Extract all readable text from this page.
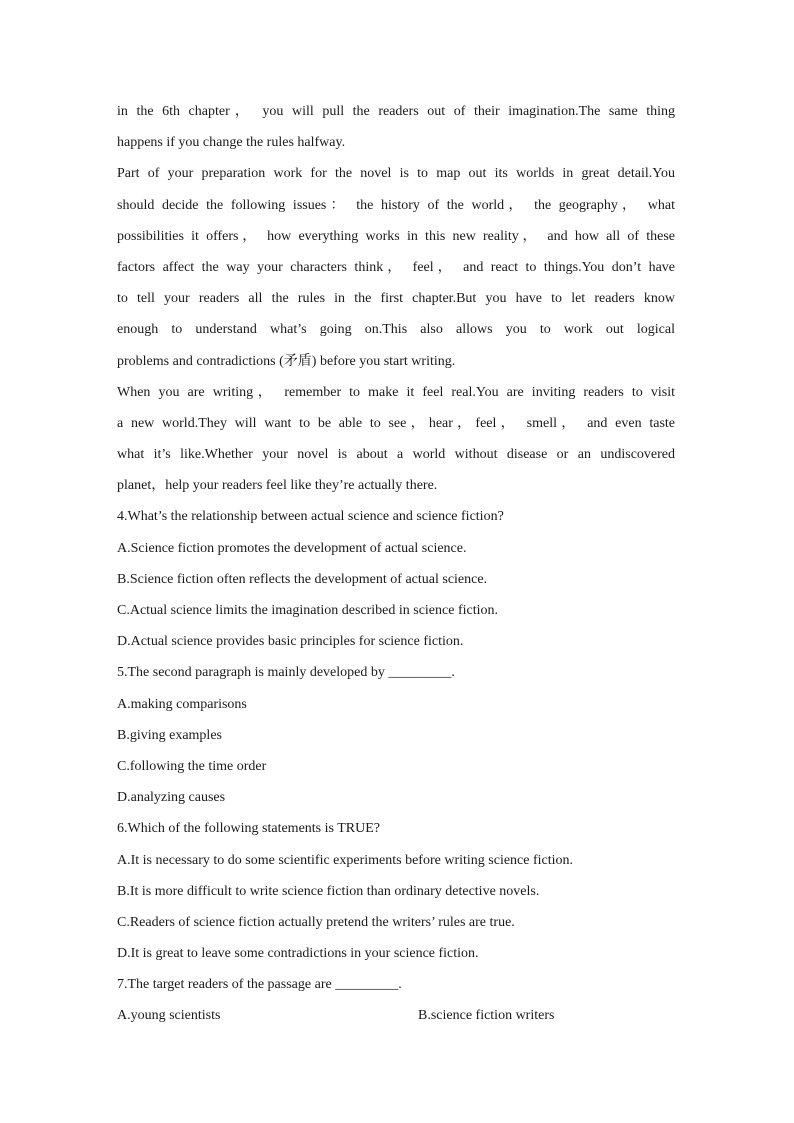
in the 6th chapter， you will pull the readers out of their imagination.The same thing
happens if you change the rules halfway.
Part of your preparation work for the novel is to map out its worlds in great detail.You
should decide the following issues： the history of the world， the geography， what
possibilities it offers， how everything works in this new reality， and how all of these
factors affect the way your characters think， feel， and react to things.You don’t have
to tell your readers all the rules in the first chapter.But you have to let readers know
enough to understand what’s going on.This also allows you to work out logical
problems and contradictions (矛盾) before you start writing.
When you are writing， remember to make it feel real.You are inviting readers to visit
a new world.They will want to be able to see，hear，feel， smell， and even taste
what it’s like.Whether your novel is about a world without disease or an undiscovered
planet，help your readers feel like they’re actually there.
4.What’s the relationship between actual science and science fiction?
A.Science fiction promotes the development of actual science.
B.Science fiction often reflects the development of actual science.
C.Actual science limits the imagination described in science fiction.
D.Actual science provides basic principles for science fiction.
5.The second paragraph is mainly developed by _________.
A.making comparisons
B.giving examples
C.following the time order
D.analyzing causes
6.Which of the following statements is TRUE?
A.It is necessary to do some scientific experiments before writing science fiction.
B.It is more difficult to write science fiction than ordinary detective novels.
C.Readers of science fiction actually pretend the writers’ rules are true.
D.It is great to leave some contradictions in your science fiction.
7.The target readers of the passage are _________.
A.young scientists	B.science fiction writers
